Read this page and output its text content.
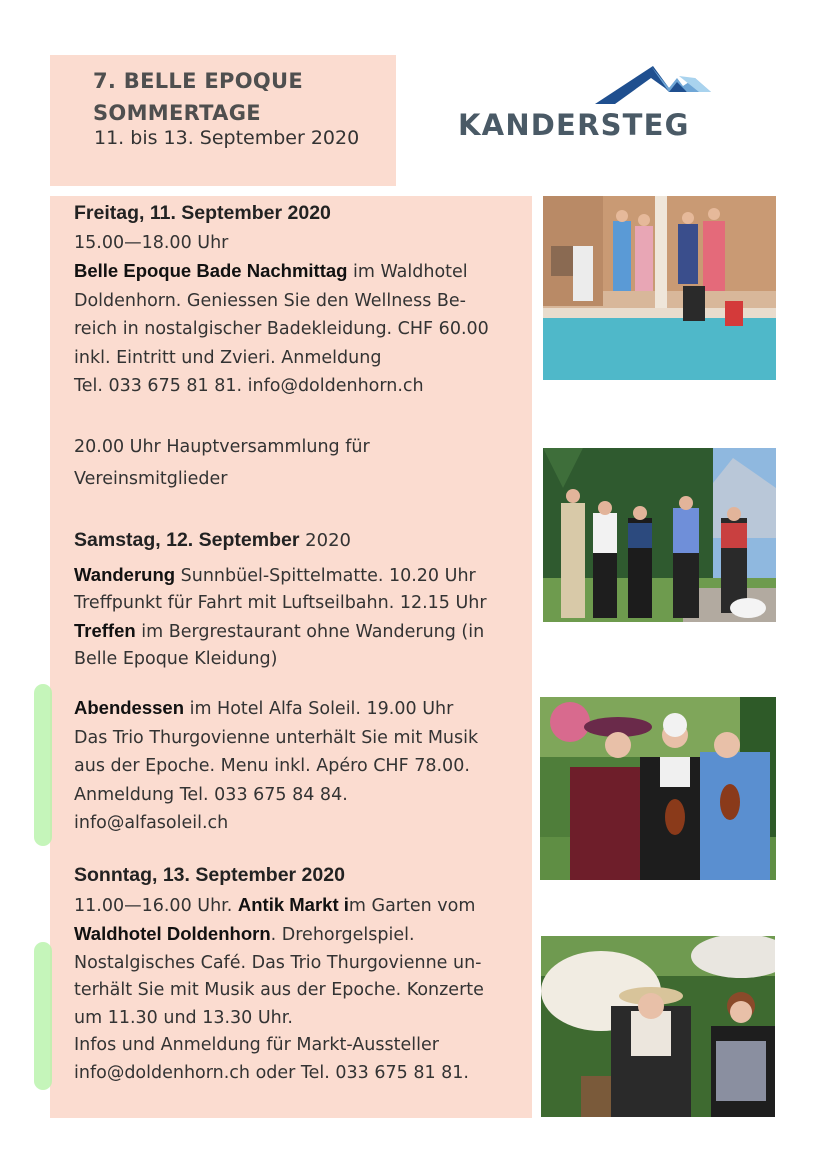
7. BELLE EPOQUE
SOMMERTAGE
11. bis 13. September 2020	KANDERSTEG

Freitag, 11. September 2020

15.00—18.00 Uhr

Belle Epoque Bade Nachmittag im Waldhotel

Doldenhorn. Geniessen Sie den Wellness Be-

reich in nostalgischer Badekleidung. CHF 60.00

inkl. Eintritt und Zvieri. Anmeldung

Tel. 033 675 81 81. info@doldenhorn.ch

20.00 Uhr Hauptversammlung für

Vereinsmitglieder

Samstag, 12. September 2020

Wanderung Sunnbüel-Spittelmatte. 10.20 Uhr

Treffpunkt für Fahrt mit Luftseilbahn. 12.15 Uhr

Treffen im Bergrestaurant ohne Wanderung (in

Belle Epoque Kleidung)

Abendessen im Hotel Alfa Soleil. 19.00 Uhr

Das Trio Thurgovienne unterhält Sie mit Musik

aus der Epoche. Menu inkl. Apéro CHF 78.00.

Anmeldung Tel. 033 675 84 84.

info@alfasoleil.ch

Sonntag, 13. September 2020

11.00—16.00 Uhr. Antik Markt im Garten vom

Waldhotel Doldenhorn. Drehorgelspiel.

Nostalgisches Café. Das Trio Thurgovienne un-

terhält Sie mit Musik aus der Epoche. Konzerte

um 11.30 und 13.30 Uhr.

Infos und Anmeldung für Markt-Aussteller

info@doldenhorn.ch oder Tel. 033 675 81 81.
